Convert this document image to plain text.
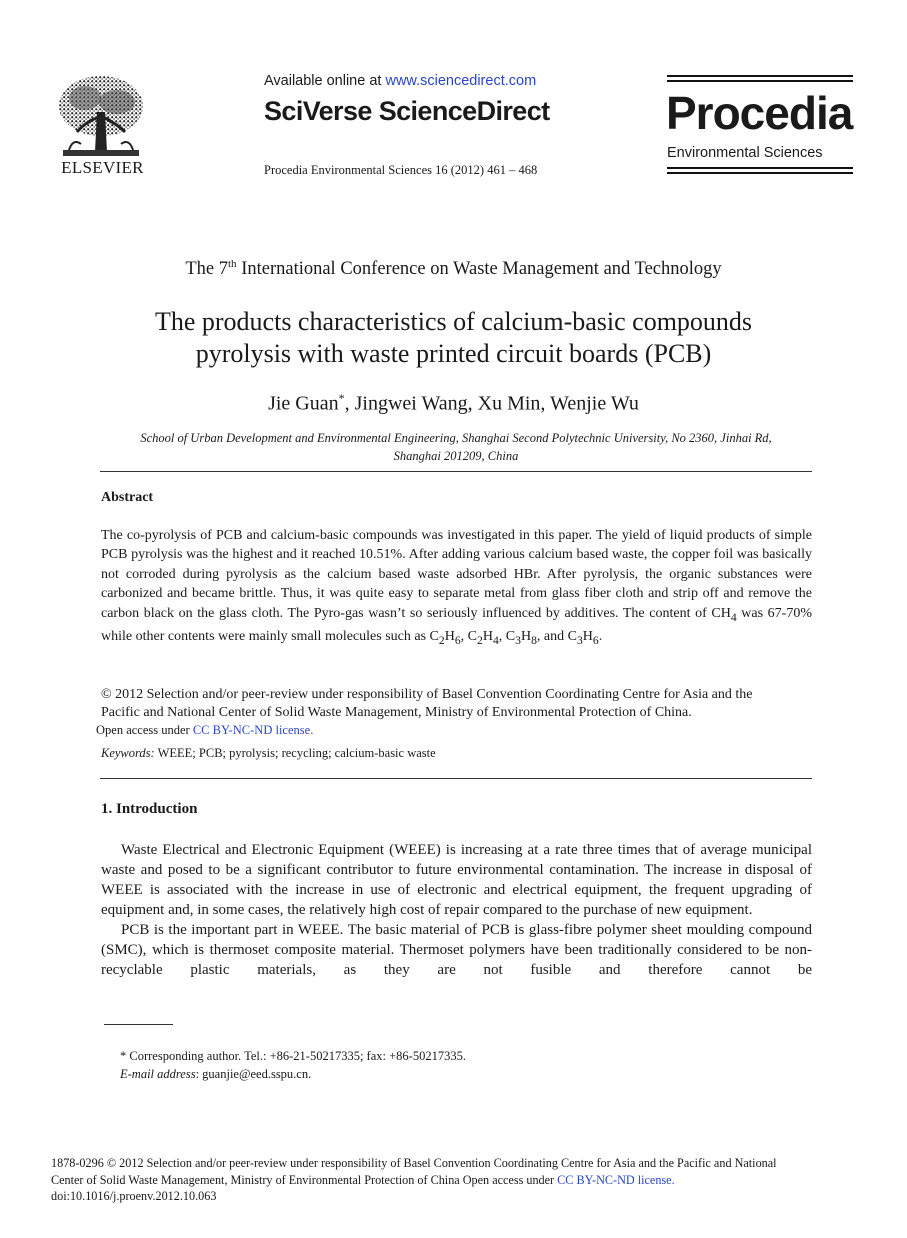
ELSEVIER
Available online at www.sciencedirect.com
SciVerse ScienceDirect
Procedia Environmental Sciences 16 (2012) 461 – 468
Procedia
Environmental Sciences
The 7th International Conference on Waste Management and Technology
The products characteristics of calcium-basic compounds
pyrolysis with waste printed circuit boards (PCB)
Jie Guan*, Jingwei Wang, Xu Min, Wenjie Wu
School of Urban Development and Environmental Engineering, Shanghai Second Polytechnic University, No 2360, Jinhai Rd,
Shanghai 201209, China
Abstract
The co-pyrolysis of PCB and calcium-basic compounds was investigated in this paper. The yield of liquid products of simple PCB pyrolysis was the highest and it reached 10.51%. After adding various calcium based waste, the copper foil was basically not corroded during pyrolysis as the calcium based waste adsorbed HBr. After pyrolysis, the organic substances were carbonized and became brittle. Thus, it was quite easy to separate metal from glass fiber cloth and strip off and remove the carbon black on the glass cloth. The Pyro-gas wasn’t so seriously influenced by additives. The content of $CH_4$ was 67-70% while other contents were mainly small molecules such as $C_2H_6$, $C_2H_4$, $C_3H_8$, and $C_3H_6$.
© 2012 Selection and/or peer-review under responsibility of Basel Convention Coordinating Centre for Asia and the
Pacific and National Center of Solid Waste Management, Ministry of Environmental Protection of China.
Open access under CC BY-NC-ND license.
Keywords: WEEE; PCB; pyrolysis; recycling; calcium-basic waste
1. Introduction

Waste Electrical and Electronic Equipment (WEEE) is increasing at a rate three times that of average municipal waste and posed to be a significant contributor to future environmental contamination. The increase in disposal of WEEE is associated with the increase in use of electronic and electrical equipment, the frequent upgrading of equipment and, in some cases, the relatively high cost of repair compared to the purchase of new equipment.

PCB is the important part in WEEE. The basic material of PCB is glass-fibre polymer sheet moulding compound (SMC), which is thermoset composite material. Thermoset polymers have been traditionally considered to be non-recyclable plastic materials, as they are not fusible and therefore cannot be

* Corresponding author. Tel.: +86-21-50217335; fax: +86-50217335.
E-mail address: guanjie@eed.sspu.cn.
1878-0296 © 2012 Selection and/or peer-review under responsibility of Basel Convention Coordinating Centre for Asia and the Pacific and National
Center of Solid Waste Management, Ministry of Environmental Protection of China Open access under CC BY-NC-ND license.
doi:10.1016/j.proenv.2012.10.063
